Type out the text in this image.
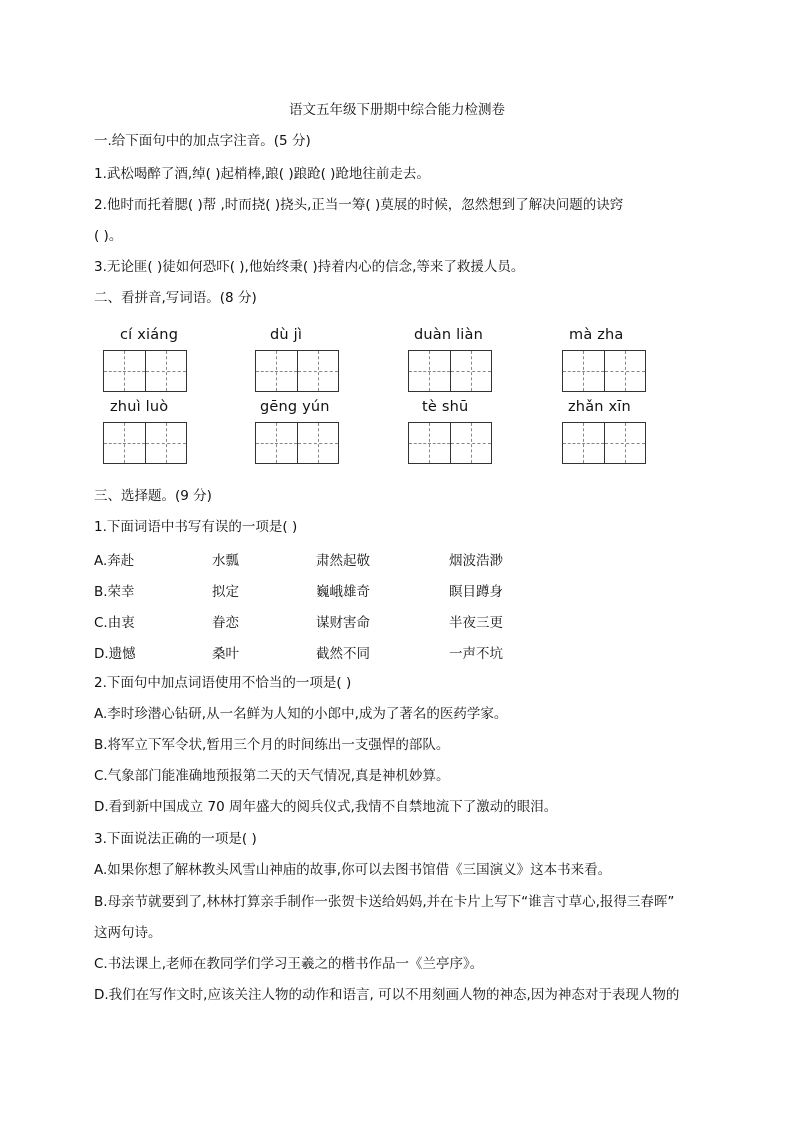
语文五年级下册期中综合能力检测卷
一.给下面句中的加点字注音。(5 分)
1.武松喝醉了酒,绰( )起梢棒,踉( )踉跄( )跄地往前走去。
2.他时而托着腮( )帮 ,时而挠( )挠头,正当一筹( )莫展的时候，忽然想到了解决问题的诀窍
( )。
3.无论匪( )徒如何恐吓( ),他始终秉( )持着内心的信念,等来了救援人员。
二、看拼音,写词语。(8 分)
cí xiáng	dù jì	duàn liàn	mà zha
zhuì luò	gēng yún	tè shū	zhǎn xīn
三、选择题。(9 分)
1.下面词语中书写有误的一项是( )
A.奔赴	水瓢	肃然起敬	烟波浩渺
B.荣幸	拟定	巍峨雄奇	瞑目蹲身
C.由衷	眷恋	谋财害命	半夜三更
D.遗憾	桑叶	截然不同	一声不坑
2.下面句中加点词语使用不恰当的一项是( )
A.李时珍潜心钻研,从一名鲜为人知的小郎中,成为了著名的医药学家。
B.将军立下军令状,暂用三个月的时间练出一支强悍的部队。
C.气象部门能准确地预报第二天的天气情况,真是神机妙算。
D.看到新中国成立 70 周年盛大的阅兵仪式,我情不自禁地流下了激动的眼泪。
3.下面说法正确的一项是( )
A.如果你想了解林教头风雪山神庙的故事,你可以去图书馆借《三国演义》这本书来看。
B.母亲节就要到了,林林打算亲手制作一张贺卡送给妈妈,并在卡片上写下“谁言寸草心,报得三春晖”
这两句诗。
C.书法课上,老师在教同学们学习王羲之的楷书作品一《兰亭序》。
D.我们在写作文时,应该关注人物的动作和语言, 可以不用刻画人物的神态,因为神态对于表现人物的
